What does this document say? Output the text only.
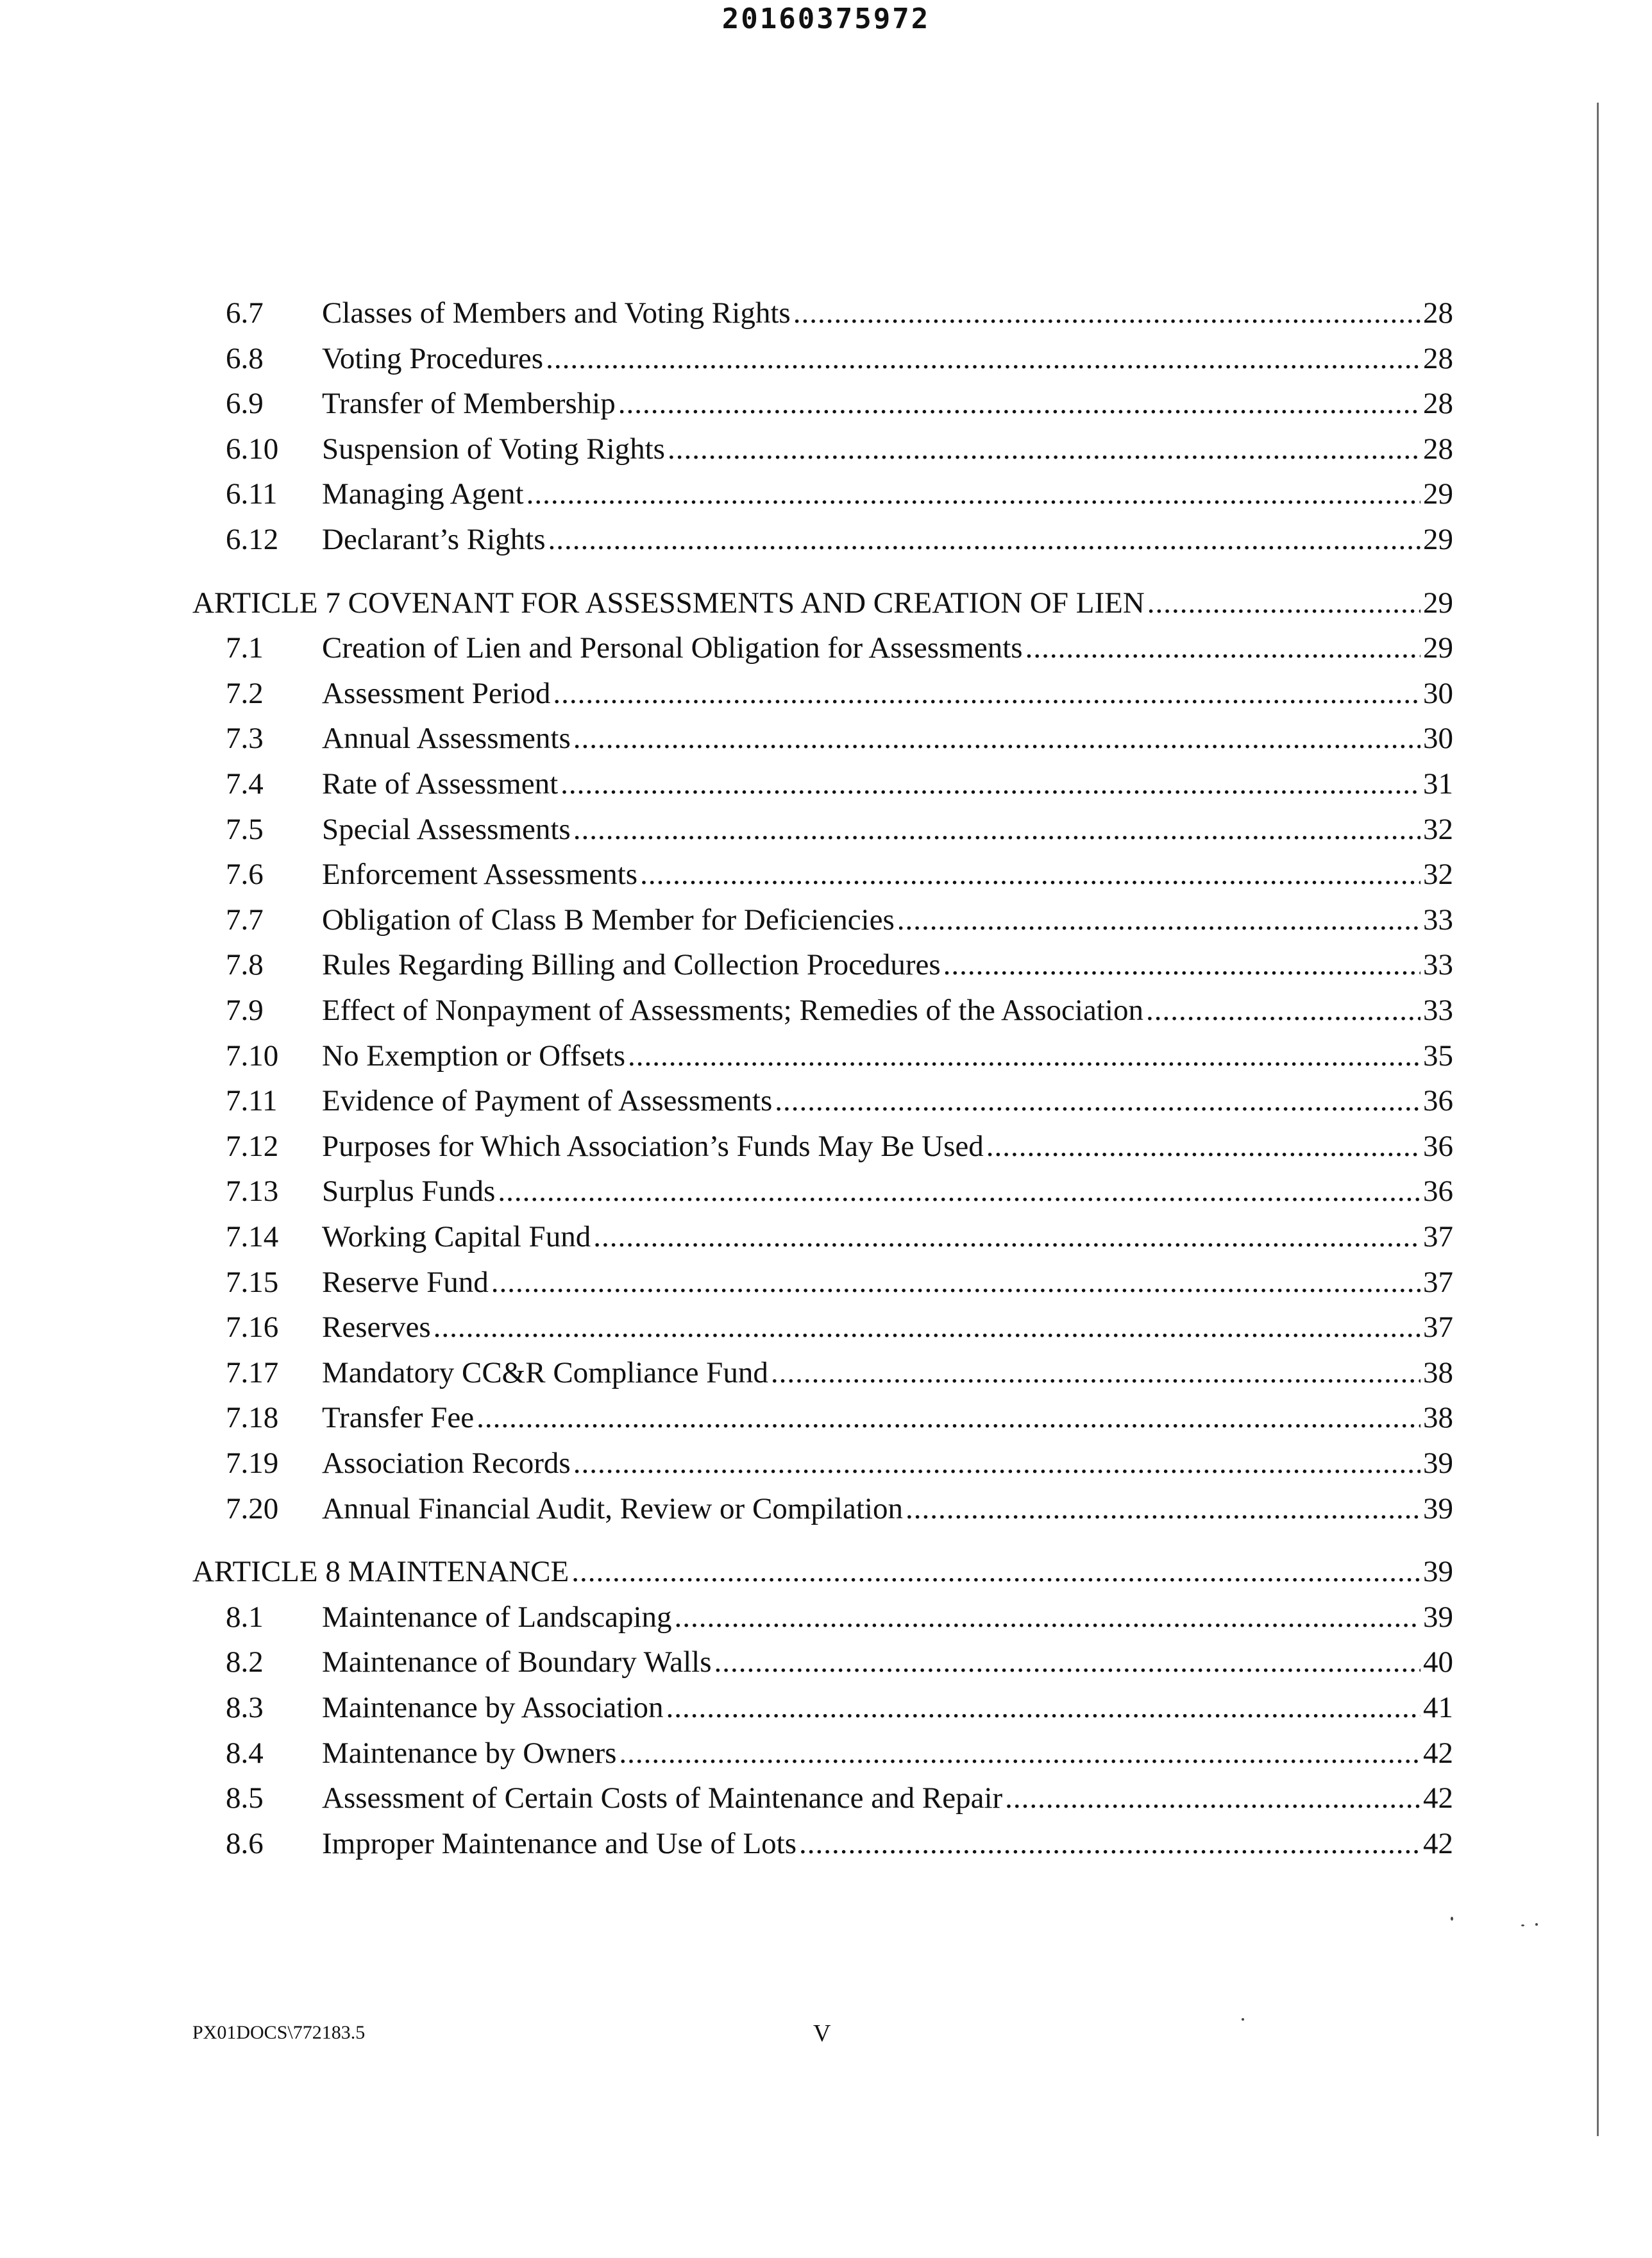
20160375972
6.7 Classes of Members and Voting Rights .....	28
6.8 Voting Procedures .....	28
6.9 Transfer of Membership .....	28
6.10 Suspension of Voting Rights .....	28
6.11 Managing Agent .....	29
6.12 Declarant’s Rights .....	29
ARTICLE 7 COVENANT FOR ASSESSMENTS AND CREATION OF LIEN .....	29
7.1 Creation of Lien and Personal Obligation for Assessments .....	29
7.2 Assessment Period .....	30
7.3 Annual Assessments .....	30
7.4 Rate of Assessment .....	31
7.5 Special Assessments .....	32
7.6 Enforcement Assessments .....	32
7.7 Obligation of Class B Member for Deficiencies .....	33
7.8 Rules Regarding Billing and Collection Procedures .....	33
7.9 Effect of Nonpayment of Assessments; Remedies of the Association .....	33
7.10 No Exemption or Offsets .....	35
7.11 Evidence of Payment of Assessments .....	36
7.12 Purposes for Which Association’s Funds May Be Used .....	36
7.13 Surplus Funds .....	36
7.14 Working Capital Fund .....	37
7.15 Reserve Fund .....	37
7.16 Reserves .....	37
7.17 Mandatory CC&R Compliance Fund .....	38
7.18 Transfer Fee .....	38
7.19 Association Records .....	39
7.20 Annual Financial Audit, Review or Compilation .....	39
ARTICLE 8 MAINTENANCE .....	39
8.1 Maintenance of Landscaping .....	39
8.2 Maintenance of Boundary Walls .....	40
8.3 Maintenance by Association .....	41
8.4 Maintenance by Owners .....	42
8.5 Assessment of Certain Costs of Maintenance and Repair .....	42
8.6 Improper Maintenance and Use of Lots .....	42
PX01DOCS\772183.5	V
